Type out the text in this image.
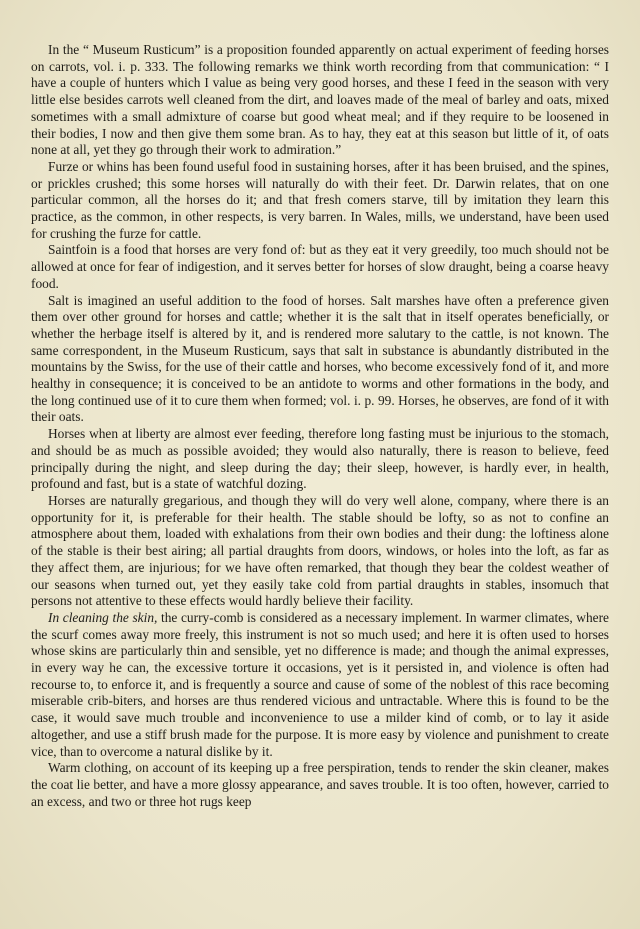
In the “ Museum Rusticum” is a proposition founded apparently on actual experiment of feeding horses on carrots, vol. i. p. 333. The following remarks we think worth recording from that communication: “ I have a couple of hunters which I value as being very good horses, and these I feed in the season with very little else besides carrots well cleaned from the dirt, and loaves made of the meal of barley and oats, mixed sometimes with a small admixture of coarse but good wheat meal; and if they require to be loosened in their bodies, I now and then give them some bran. As to hay, they eat at this season but little of it, of oats none at all, yet they go through their work to admiration.”

Furze or whins has been found useful food in sustaining horses, after it has been bruised, and the spines, or prickles crushed; this some horses will naturally do with their feet. Dr. Darwin relates, that on one particular common, all the horses do it; and that fresh comers starve, till by imitation they learn this practice, as the common, in other respects, is very barren. In Wales, mills, we understand, have been used for crushing the furze for cattle.

Saintfoin is a food that horses are very fond of: but as they eat it very greedily, too much should not be allowed at once for fear of indigestion, and it serves better for horses of slow draught, being a coarse heavy food.

Salt is imagined an useful addition to the food of horses. Salt marshes have often a preference given them over other ground for horses and cattle; whether it is the salt that in itself operates beneficially, or whether the herbage itself is altered by it, and is rendered more salutary to the cattle, is not known. The same correspondent, in the Museum Rusticum, says that salt in substance is abundantly distributed in the mountains by the Swiss, for the use of their cattle and horses, who become excessively fond of it, and more healthy in consequence; it is conceived to be an antidote to worms and other formations in the body, and the long continued use of it to cure them when formed; vol. i. p. 99. Horses, he observes, are fond of it with their oats.

Horses when at liberty are almost ever feeding, therefore long fasting must be injurious to the stomach, and should be as much as possible avoided; they would also naturally, there is reason to believe, feed principally during the night, and sleep during the day; their sleep, however, is hardly ever, in health, profound and fast, but is a state of watchful dozing.

Horses are naturally gregarious, and though they will do very well alone, company, where there is an opportunity for it, is preferable for their health. The stable should be lofty, so as not to confine an atmosphere about them, loaded with exhalations from their own bodies and their dung: the loftiness alone of the stable is their best airing; all partial draughts from doors, windows, or holes into the loft, as far as they affect them, are injurious; for we have often remarked, that though they bear the coldest weather of our seasons when turned out, yet they easily take cold from partial draughts in stables, insomuch that persons not attentive to these effects would hardly believe their facility.

In cleaning the skin, the curry-comb is considered as a necessary implement. In warmer climates, where the scurf comes away more freely, this instrument is not so much used; and here it is often used to horses whose skins are particularly thin and sensible, yet no difference is made; and though the animal expresses, in every way he can, the excessive torture it occasions, yet is it persisted in, and violence is often had recourse to, to enforce it, and is frequently a source and cause of some of the noblest of this race becoming miserable crib-biters, and horses are thus rendered vicious and untractable. Where this is found to be the case, it would save much trouble and inconvenience to use a milder kind of comb, or to lay it aside altogether, and use a stiff brush made for the purpose. It is more easy by violence and punishment to create vice, than to overcome a natural dislike by it.

Warm clothing, on account of its keeping up a free perspiration, tends to render the skin cleaner, makes the coat lie better, and have a more glossy appearance, and saves trouble. It is too often, however, carried to an excess, and two or three hot rugs keep
